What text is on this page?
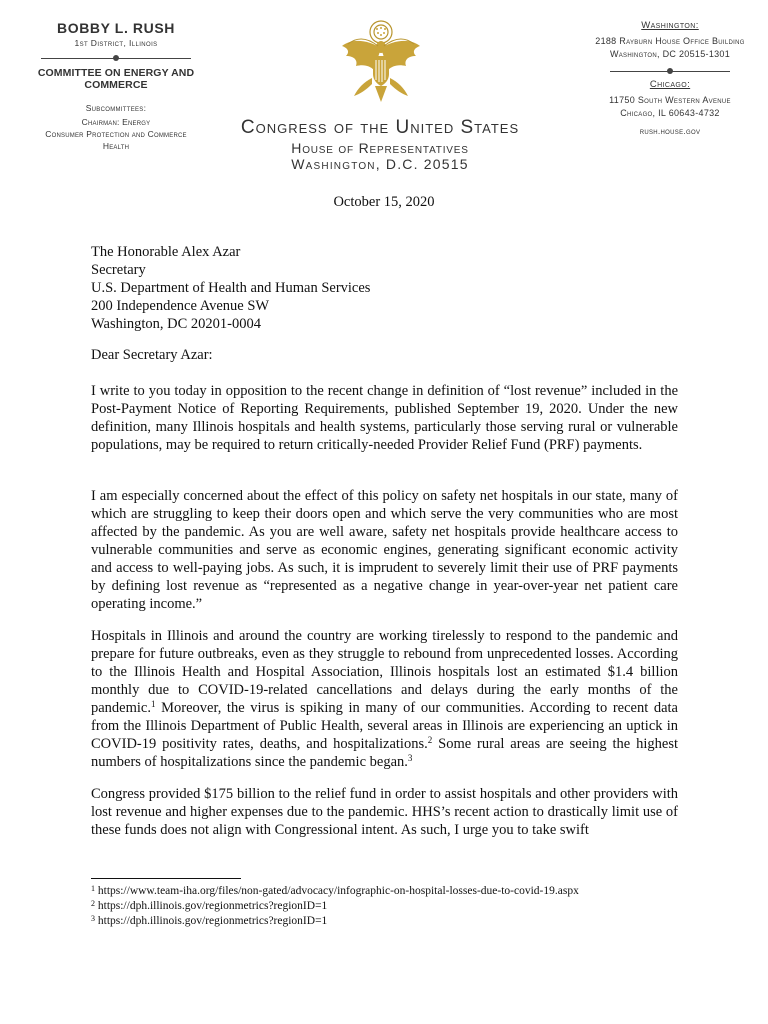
BOBBY L. RUSH
1st District, Illinois
COMMITTEE ON ENERGY AND COMMERCE
Subcommittees:
Chairman: Energy
Consumer Protection and Commerce
Health
Congress of the United States
House of Representatives
Washington, D.C. 20515
Washington:
2188 Rayburn House Office Building
Washington, DC 20515-1301
Chicago:
11750 South Western Avenue
Chicago, IL 60643-4732
rush.house.gov
October 15, 2020
The Honorable Alex Azar
Secretary
U.S. Department of Health and Human Services
200 Independence Avenue SW
Washington, DC 20201-0004
Dear Secretary Azar:

I write to you today in opposition to the recent change in definition of “lost revenue” included in the Post-Payment Notice of Reporting Requirements, published September 19, 2020. Under the new definition, many Illinois hospitals and health systems, particularly those serving rural or vulnerable populations, may be required to return critically-needed Provider Relief Fund (PRF) payments.

I am especially concerned about the effect of this policy on safety net hospitals in our state, many of which are struggling to keep their doors open and which serve the very communities who are most affected by the pandemic. As you are well aware, safety net hospitals provide healthcare access to vulnerable communities and serve as economic engines, generating significant economic activity and access to well-paying jobs. As such, it is imprudent to severely limit their use of PRF payments by defining lost revenue as “represented as a negative change in year-over-year net patient care operating income.”

Hospitals in Illinois and around the country are working tirelessly to respond to the pandemic and prepare for future outbreaks, even as they struggle to rebound from unprecedented losses. According to the Illinois Health and Hospital Association, Illinois hospitals lost an estimated $1.4 billion monthly due to COVID-19-related cancellations and delays during the early months of the pandemic.$^1$ Moreover, the virus is spiking in many of our communities. According to recent data from the Illinois Department of Public Health, several areas in Illinois are experiencing an uptick in COVID-19 positivity rates, deaths, and hospitalizations.$^2$ Some rural areas are seeing the highest numbers of hospitalizations since the pandemic began.$^3$

Congress provided $175 billion to the relief fund in order to assist hospitals and other providers with lost revenue and higher expenses due to the pandemic. HHS’s recent action to drastically limit use of these funds does not align with Congressional intent. As such, I urge you to take swift

$^1$ https://www.team-iha.org/files/non-gated/advocacy/infographic-on-hospital-losses-due-to-covid-19.aspx
$^2$ https://dph.illinois.gov/regionmetrics?regionID=1
$^3$ https://dph.illinois.gov/regionmetrics?regionID=1
